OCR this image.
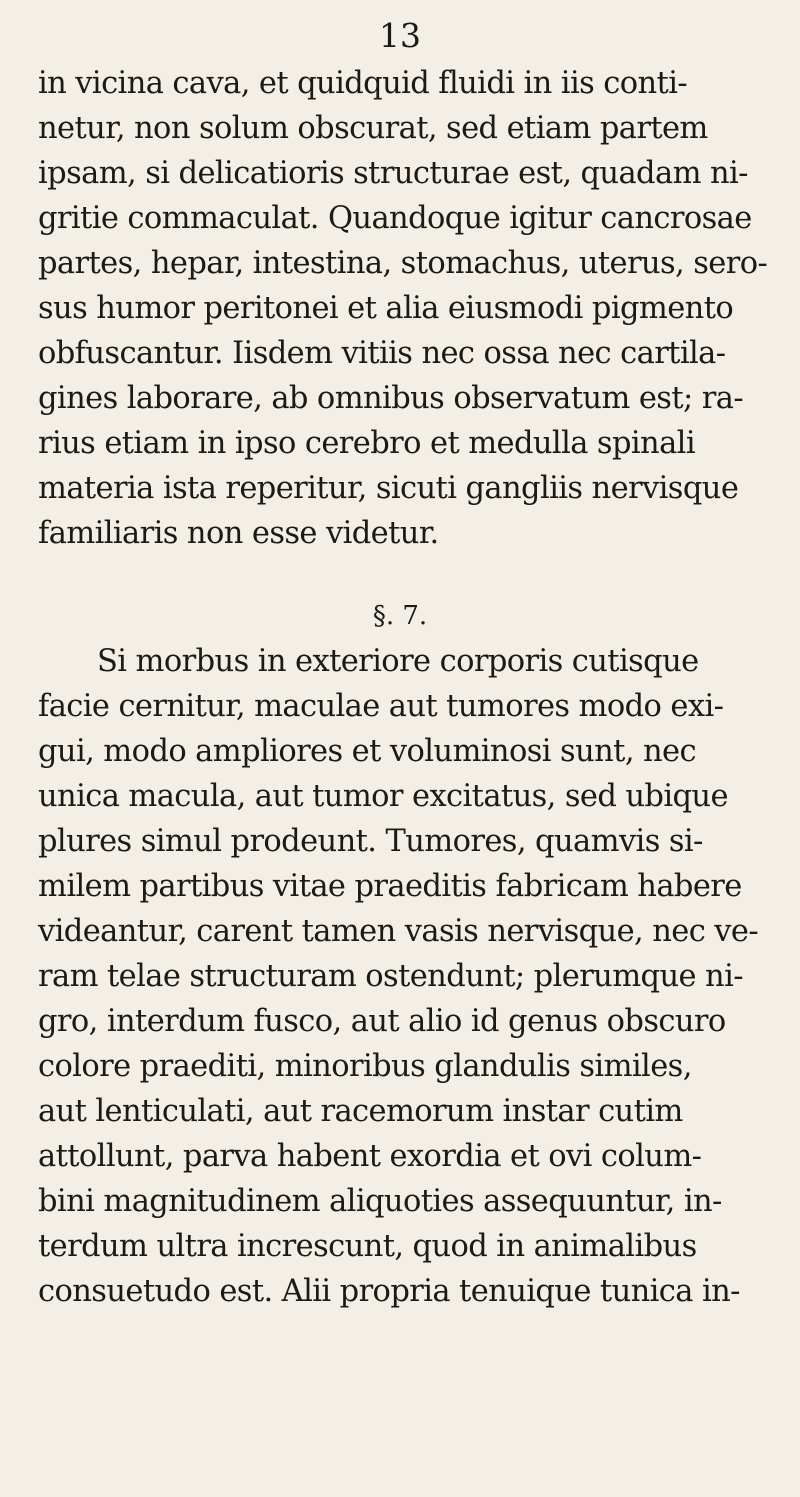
13
in vicina cava, et quidquid fluidi in iis conti-
netur, non solum obscurat, sed etiam partem
ipsam, si delicatioris structurae est, quadam ni-
gritie commaculat. Quandoque igitur cancrosae
partes, hepar, intestina, stomachus, uterus, sero-
sus humor peritonei et alia eiusmodi pigmento
obfuscantur. Iisdem vitiis nec ossa nec cartila-
gines laborare, ab omnibus observatum est; ra-
rius etiam in ipso cerebro et medulla spinali
materia ista reperitur, sicuti gangliis nervisque
familiaris non esse videtur.
§. 7.
Si morbus in exteriore corporis cutisque
facie cernitur, maculae aut tumores modo exi-
gui, modo ampliores et voluminosi sunt, nec
unica macula, aut tumor excitatus, sed ubique
plures simul prodeunt. Tumores, quamvis si-
milem partibus vitae praeditis fabricam habere
videantur, carent tamen vasis nervisque, nec ve-
ram telae structuram ostendunt; plerumque ni-
gro, interdum fusco, aut alio id genus obscuro
colore praediti, minoribus glandulis similes,
aut lenticulati, aut racemorum instar cutim
attollunt, parva habent exordia et ovi colum-
bini magnitudinem aliquoties assequuntur, in-
terdum ultra increscunt, quod in animalibus
consuetudo est. Alii propria tenuique tunica in-
